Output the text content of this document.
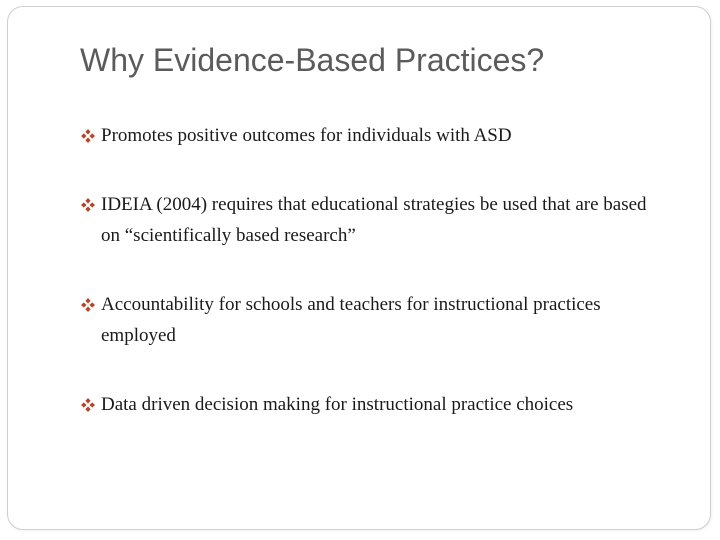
Why Evidence-Based Practices?
Promotes positive outcomes for individuals with ASD
IDEIA (2004) requires that educational strategies be used that are based on “scientifically based research”
Accountability for schools and teachers for instructional practices employed
Data driven decision making for instructional practice choices
